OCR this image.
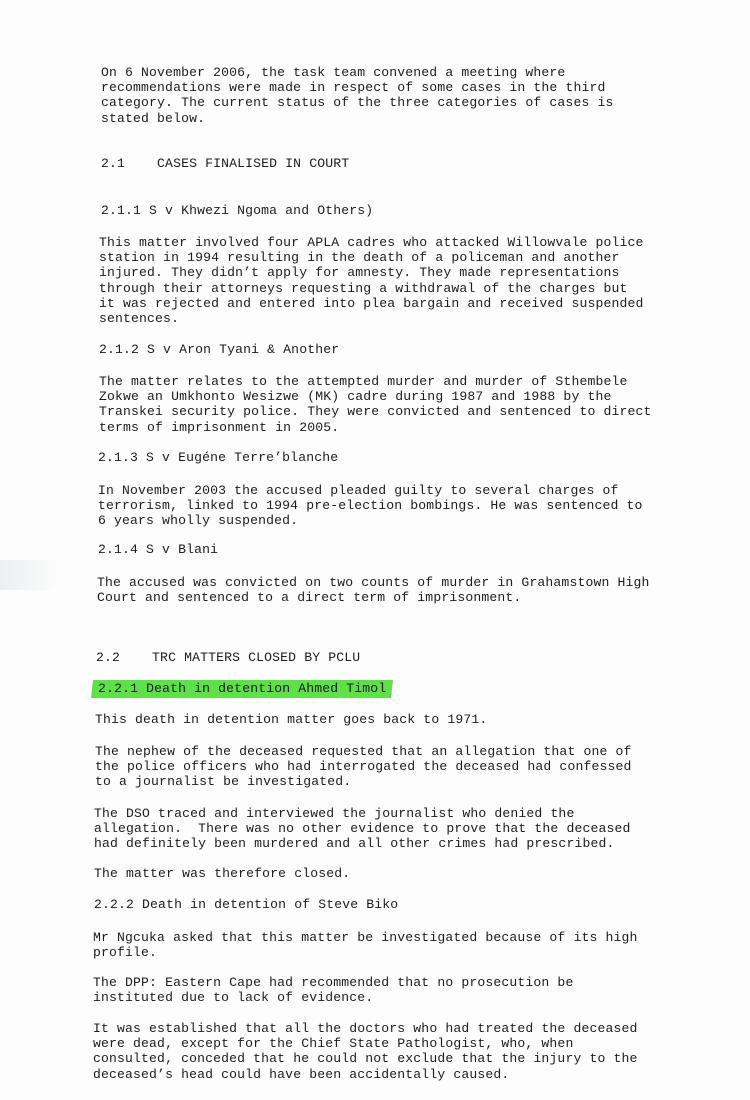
On 6 November 2006, the task team convened a meeting where
recommendations were made in respect of some cases in the third
category. The current status of the three categories of cases is
stated below.

2.1    CASES FINALISED IN COURT

2.1.1 S v Khwezi Ngoma and Others)

This matter involved four APLA cadres who attacked Willowvale police
station in 1994 resulting in the death of a policeman and another
injured. They didn’t apply for amnesty. They made representations
through their attorneys requesting a withdrawal of the charges but
it was rejected and entered into plea bargain and received suspended
sentences.

2.1.2 S v Aron Tyani & Another

The matter relates to the attempted murder and murder of Sthembele
Zokwe an Umkhonto Wesizwe (MK) cadre during 1987 and 1988 by the
Transkei security police. They were convicted and sentenced to direct
terms of imprisonment in 2005.

2.1.3 S v Eugéne Terre’blanche

In November 2003 the accused pleaded guilty to several charges of
terrorism, linked to 1994 pre-election bombings. He was sentenced to
6 years wholly suspended.

2.1.4 S v Blani

The accused was convicted on two counts of murder in Grahamstown High
Court and sentenced to a direct term of imprisonment.

2.2    TRC MATTERS CLOSED BY PCLU

2.2.1 Death in detention Ahmed Timol

This death in detention matter goes back to 1971.

The nephew of the deceased requested that an allegation that one of
the police officers who had interrogated the deceased had confessed
to a journalist be investigated.

The DSO traced and interviewed the journalist who denied the
allegation.  There was no other evidence to prove that the deceased
had definitely been murdered and all other crimes had prescribed.

The matter was therefore closed.

2.2.2 Death in detention of Steve Biko

Mr Ngcuka asked that this matter be investigated because of its high
profile.

The DPP: Eastern Cape had recommended that no prosecution be
instituted due to lack of evidence.

It was established that all the doctors who had treated the deceased
were dead, except for the Chief State Pathologist, who, when
consulted, conceded that he could not exclude that the injury to the
deceased’s head could have been accidentally caused.
